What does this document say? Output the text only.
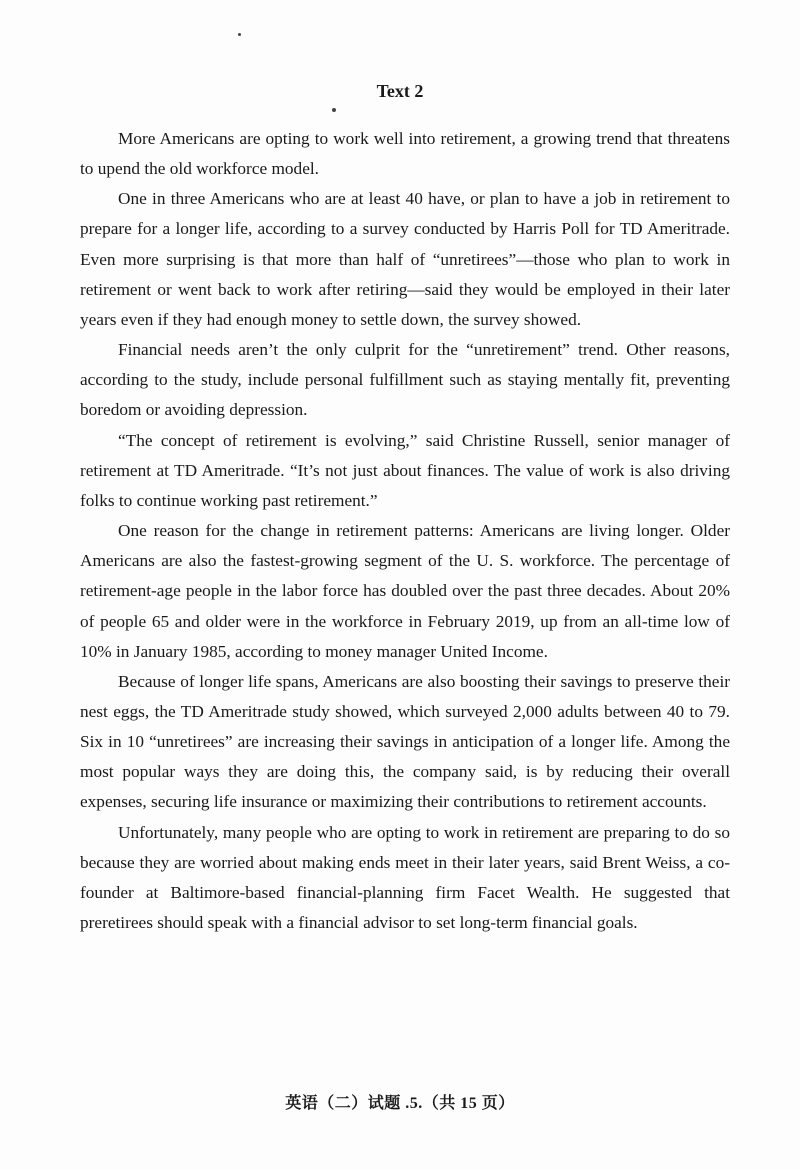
Text 2

More Americans are opting to work well into retirement, a growing trend that threatens to upend the old workforce model.

One in three Americans who are at least 40 have, or plan to have a job in retirement to prepare for a longer life, according to a survey conducted by Harris Poll for TD Ameritrade. Even more surprising is that more than half of “unretirees”—those who plan to work in retirement or went back to work after retiring—said they would be employed in their later years even if they had enough money to settle down, the survey showed.

Financial needs aren’t the only culprit for the “unretirement” trend. Other reasons, according to the study, include personal fulfillment such as staying mentally fit, preventing boredom or avoiding depression.

“The concept of retirement is evolving,” said Christine Russell, senior manager of retirement at TD Ameritrade. “It’s not just about finances. The value of work is also driving folks to continue working past retirement.”

One reason for the change in retirement patterns: Americans are living longer. Older Americans are also the fastest-growing segment of the U. S. workforce. The percentage of retirement-age people in the labor force has doubled over the past three decades. About 20% of people 65 and older were in the workforce in February 2019, up from an all-time low of 10% in January 1985, according to money manager United Income.

Because of longer life spans, Americans are also boosting their savings to preserve their nest eggs, the TD Ameritrade study showed, which surveyed 2,000 adults between 40 to 79. Six in 10 “unretirees” are increasing their savings in anticipation of a longer life. Among the most popular ways they are doing this, the company said, is by reducing their overall expenses, securing life insurance or maximizing their contributions to retirement accounts.

Unfortunately, many people who are opting to work in retirement are preparing to do so because they are worried about making ends meet in their later years, said Brent Weiss, a co-founder at Baltimore-based financial-planning firm Facet Wealth. He suggested that preretirees should speak with a financial advisor to set long-term financial goals.

英语（二）试题 .5.（共 15 页）
